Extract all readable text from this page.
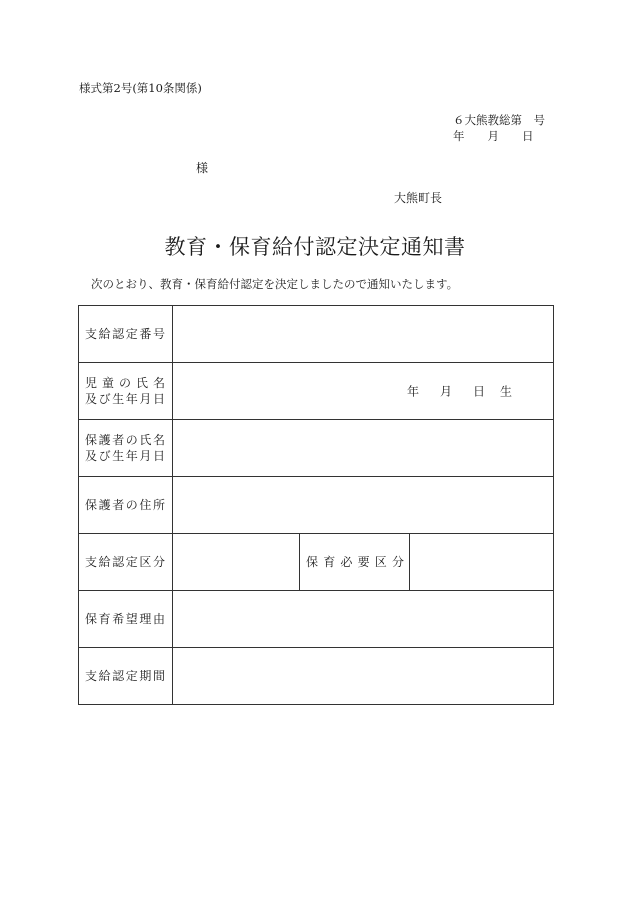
様式第2号(第10条関係)
６大熊教総第　号
年　　月　　日
様
大熊町長
教育・保育給付認定決定通知書
次のとおり、教育・保育給付認定を決定しましたので通知いたします。
支給認定番号			

児童の氏名
及び生年月日	年 月 日 生		

保護者の氏名
及び生年月日			

保護者の住所			

支給認定区分		保育必要区分	

保育希望理由			

支給認定期間			
